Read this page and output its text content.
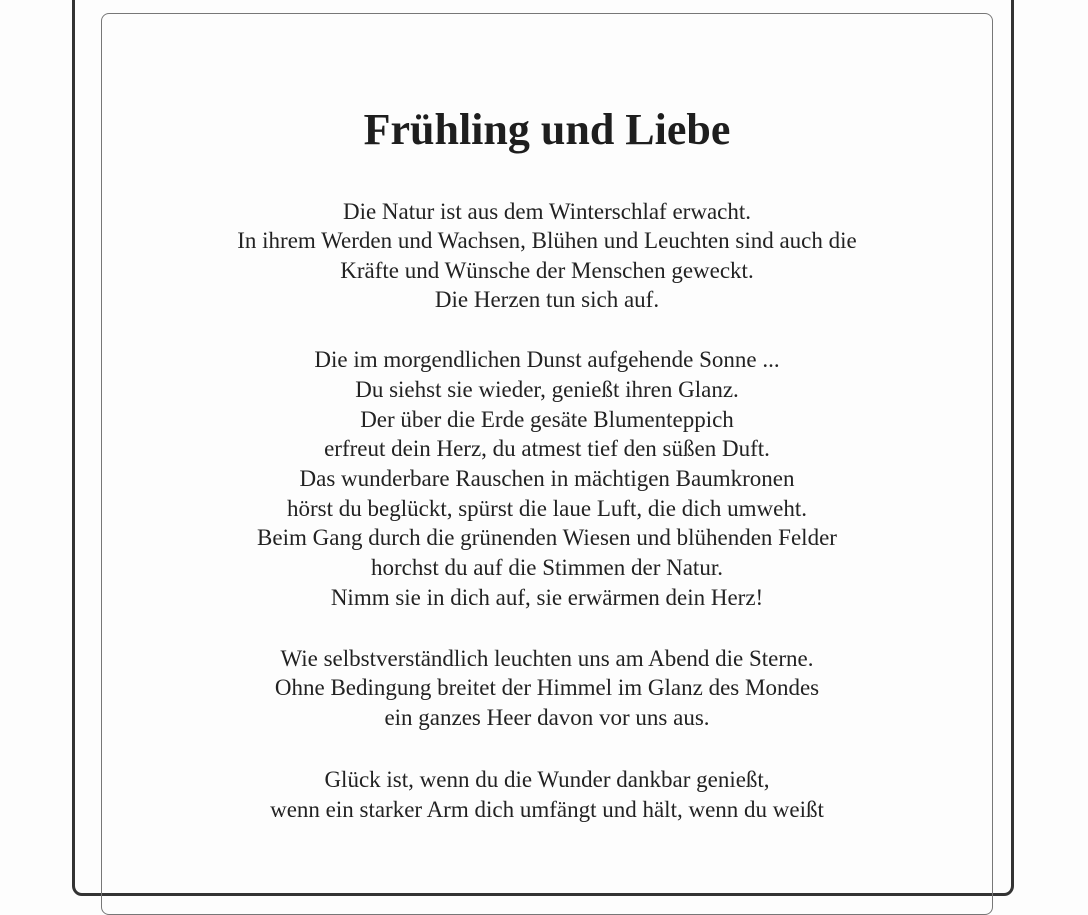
Frühling und Liebe
Die Natur ist aus dem Winterschlaf erwacht.
In ihrem Werden und Wachsen, Blühen und Leuchten sind auch die
Kräfte und Wünsche der Menschen geweckt.
Die Herzen tun sich auf.
Die im morgendlichen Dunst aufgehende Sonne ...
Du siehst sie wieder, genießt ihren Glanz.
Der über die Erde gesäte Blumenteppich
erfreut dein Herz, du atmest tief den süßen Duft.
Das wunderbare Rauschen in mächtigen Baumkronen
hörst du beglückt, spürst die laue Luft, die dich umweht.
Beim Gang durch die grünenden Wiesen und blühenden Felder
horchst du auf die Stimmen der Natur.
Nimm sie in dich auf, sie erwärmen dein Herz!
Wie selbstverständlich leuchten uns am Abend die Sterne.
Ohne Bedingung breitet der Himmel im Glanz des Mondes
ein ganzes Heer davon vor uns aus.
Glück ist, wenn du die Wunder dankbar genießt,
wenn ein starker Arm dich umfängt und hält, wenn du weißt
